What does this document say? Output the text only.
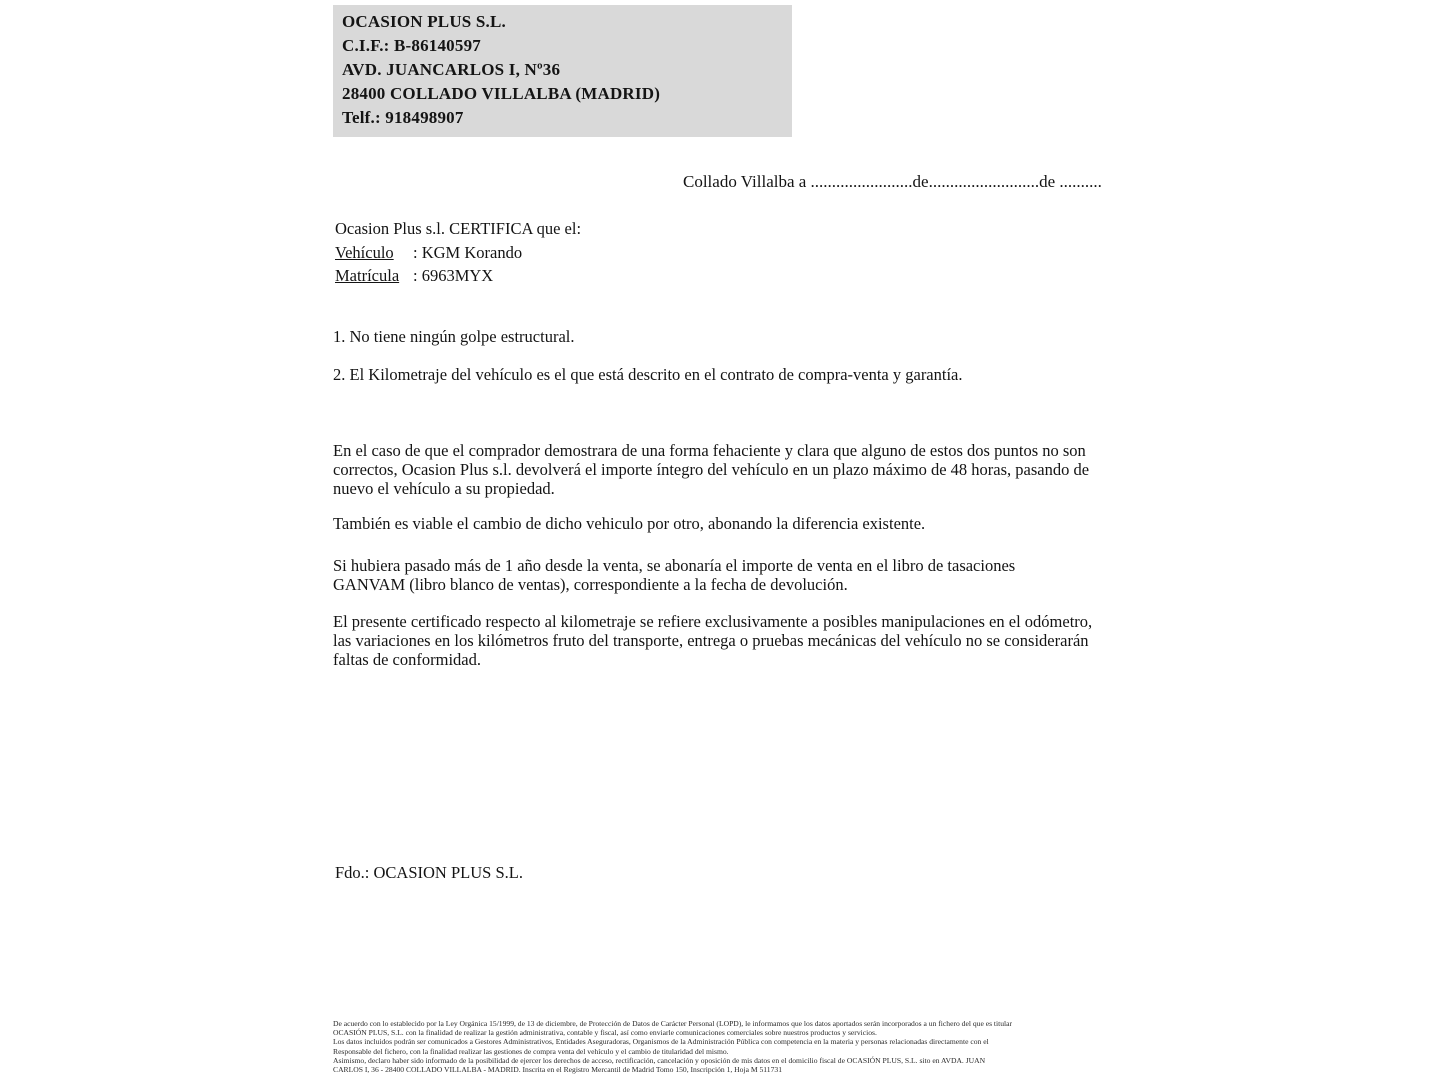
OCASION PLUS S.L.
C.I.F.: B-86140597
AVD. JUANCARLOS I, Nº36
28400 COLLADO VILLALBA (MADRID)
Telf.: 918498907
Collado Villalba a ........................de..........................de ..........
Ocasion Plus s.l. CERTIFICA que el:
Vehículo : KGM Korando
Matrícula : 6963MYX
1. No tiene ningún golpe estructural.
2. El Kilometraje del vehículo es el que está descrito en el contrato de compra-venta y garantía.
En el caso de que el comprador demostrara de una forma fehaciente y clara que alguno de estos dos puntos no son correctos, Ocasion Plus s.l. devolverá el importe íntegro del vehículo en un plazo máximo de 48 horas, pasando de nuevo el vehículo a su propiedad.
También es viable el cambio de dicho vehiculo por otro, abonando la diferencia existente.
Si hubiera pasado más de 1 año desde la venta, se abonaría el importe de venta en el libro de tasaciones GANVAM (libro blanco de ventas), correspondiente a la fecha de devolución.
El presente certificado respecto al kilometraje se refiere exclusivamente a posibles manipulaciones en el odómetro, las variaciones en los kilómetros fruto del transporte, entrega o pruebas mecánicas del vehículo no se considerarán faltas de conformidad.
Fdo.: OCASION PLUS S.L.
De acuerdo con lo establecido por la Ley Orgánica 15/1999, de 13 de diciembre, de Protección de Datos de Carácter Personal (LOPD), le informamos que los datos aportados serán incorporados a un fichero del que es titular
OCASIÓN PLUS, S.L. con la finalidad de realizar la gestión administrativa, contable y fiscal, así como enviarle comunicaciones comerciales sobre nuestros productos y servicios.
Los datos incluidos podrán ser comunicados a Gestores Administrativos, Entidades Aseguradoras, Organismos de la Administración Pública con competencia en la materia y personas relacionadas directamente con el
Responsable del fichero, con la finalidad realizar las gestiones de compra venta del vehículo y el cambio de titularidad del mismo.
Asimismo, declaro haber sido informado de la posibilidad de ejercer los derechos de acceso, rectificación, cancelación y oposición de mis datos en el domicilio fiscal de OCASIÓN PLUS, S.L. sito en AVDA. JUAN
CARLOS I, 36 - 28400 COLLADO VILLALBA - MADRID. Inscrita en el Registro Mercantil de Madrid Tomo 150, Inscripción 1, Hoja M 511731
